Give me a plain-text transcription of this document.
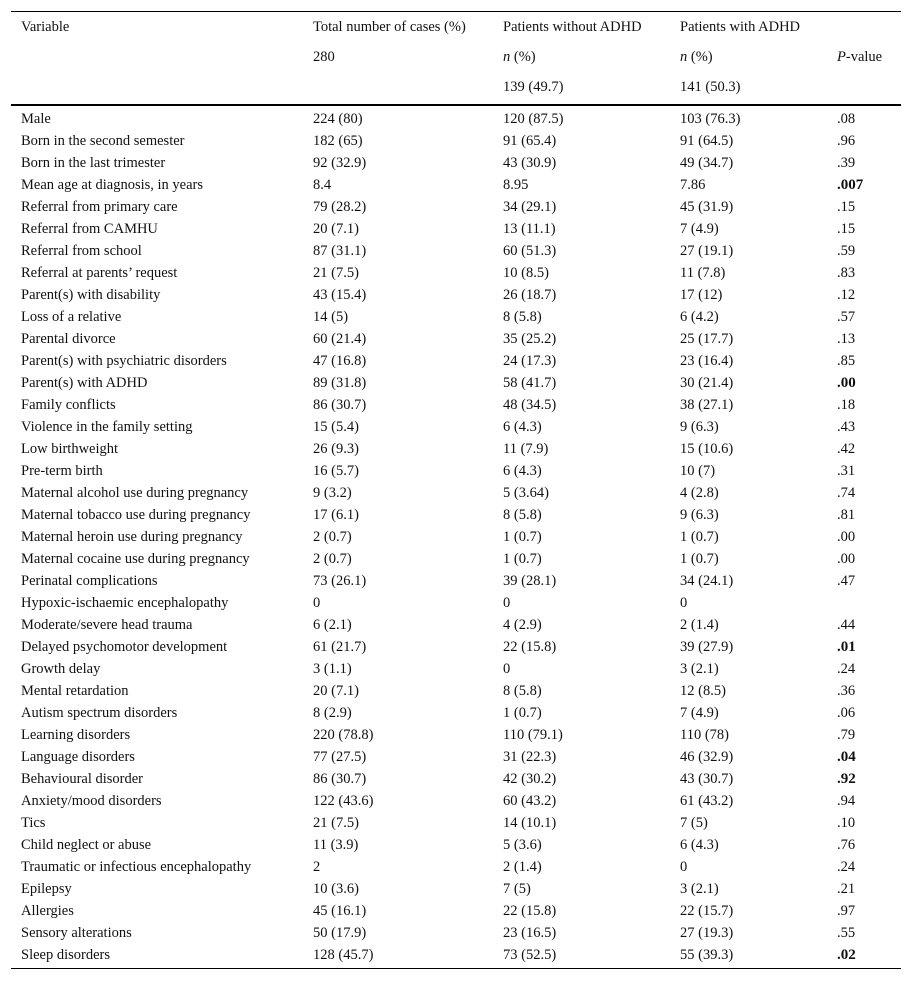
Variable	Total number of cases (%)	Patients without ADHD	Patients with ADHD	
	280	n (%)	n (%)	P-value
		139 (49.7)	141 (50.3)	
Male	224 (80)	120 (87.5)	103 (76.3)	.08
Born in the second semester	182 (65)	91 (65.4)	91 (64.5)	.96
Born in the last trimester	92 (32.9)	43 (30.9)	49 (34.7)	.39
Mean age at diagnosis, in years	8.4	8.95	7.86	.007
Referral from primary care	79 (28.2)	34 (29.1)	45 (31.9)	.15
Referral from CAMHU	20 (7.1)	13 (11.1)	7 (4.9)	.15
Referral from school	87 (31.1)	60 (51.3)	27 (19.1)	.59
Referral at parents’ request	21 (7.5)	10 (8.5)	11 (7.8)	.83
Parent(s) with disability	43 (15.4)	26 (18.7)	17 (12)	.12
Loss of a relative	14 (5)	8 (5.8)	6 (4.2)	.57
Parental divorce	60 (21.4)	35 (25.2)	25 (17.7)	.13
Parent(s) with psychiatric disorders	47 (16.8)	24 (17.3)	23 (16.4)	.85
Parent(s) with ADHD	89 (31.8)	58 (41.7)	30 (21.4)	.00
Family conflicts	86 (30.7)	48 (34.5)	38 (27.1)	.18
Violence in the family setting	15 (5.4)	6 (4.3)	9 (6.3)	.43
Low birthweight	26 (9.3)	11 (7.9)	15 (10.6)	.42
Pre-term birth	16 (5.7)	6 (4.3)	10 (7)	.31
Maternal alcohol use during pregnancy	9 (3.2)	5 (3.64)	4 (2.8)	.74
Maternal tobacco use during pregnancy	17 (6.1)	8 (5.8)	9 (6.3)	.81
Maternal heroin use during pregnancy	2 (0.7)	1 (0.7)	1 (0.7)	.00
Maternal cocaine use during pregnancy	2 (0.7)	1 (0.7)	1 (0.7)	.00
Perinatal complications	73 (26.1)	39 (28.1)	34 (24.1)	.47
Hypoxic-ischaemic encephalopathy	0	0	0	
Moderate/severe head trauma	6 (2.1)	4 (2.9)	2 (1.4)	.44
Delayed psychomotor development	61 (21.7)	22 (15.8)	39 (27.9)	.01
Growth delay	3 (1.1)	0	3 (2.1)	.24
Mental retardation	20 (7.1)	8 (5.8)	12 (8.5)	.36
Autism spectrum disorders	8 (2.9)	1 (0.7)	7 (4.9)	.06
Learning disorders	220 (78.8)	110 (79.1)	110 (78)	.79
Language disorders	77 (27.5)	31 (22.3)	46 (32.9)	.04
Behavioural disorder	86 (30.7)	42 (30.2)	43 (30.7)	.92
Anxiety/mood disorders	122 (43.6)	60 (43.2)	61 (43.2)	.94
Tics	21 (7.5)	14 (10.1)	7 (5)	.10
Child neglect or abuse	11 (3.9)	5 (3.6)	6 (4.3)	.76
Traumatic or infectious encephalopathy	2	2 (1.4)	0	.24
Epilepsy	10 (3.6)	7 (5)	3 (2.1)	.21
Allergies	45 (16.1)	22 (15.8)	22 (15.7)	.97
Sensory alterations	50 (17.9)	23 (16.5)	27 (19.3)	.55
Sleep disorders	128 (45.7)	73 (52.5)	55 (39.3)	.02
